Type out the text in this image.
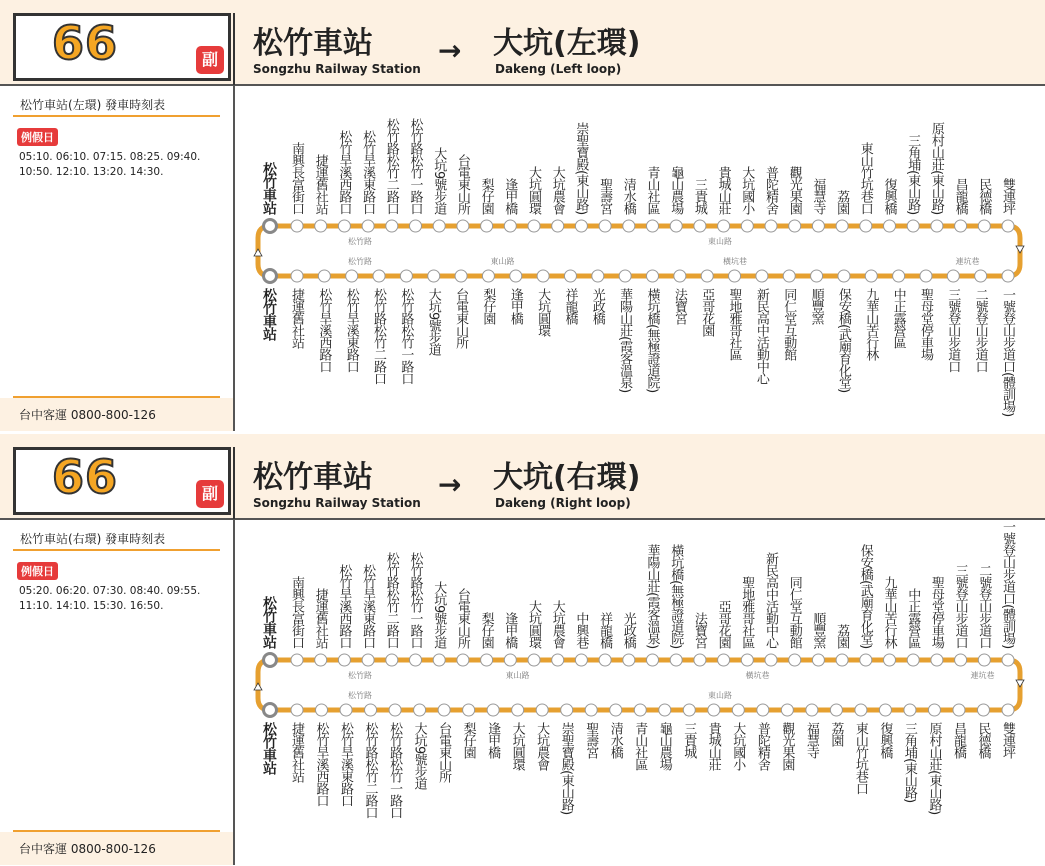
66	副 松竹車站
Songzhu Railway Station
→ 大坑(左環)
Dakeng (Left loop)
松竹車站(左環) 發車時刻表
例假日
05:10. 06:10. 07:15. 08:25. 09:40.
10:50. 12:10. 13:20. 14:30.
台中客運 0800-800-126
松竹車站
松竹車站
南興長富街口 捷運舊社站 松竹旱溪西路口 松竹旱溪東路口 松竹路松竹二路口 松竹路松竹一路口 大坑9號步道 台電東山所 梨仔園 逢甲橋 大坑圓環 大坑農會 崇聖寶殿(東山路) 聖壽宮 清水橋 青山社區 龜山農場 三貴城 貴城山莊 大坑國小 普陀精舍 觀光果園 福慧寺 荔園 東山竹坑巷口 復興橋 三角埔(東山路) 原村山莊(東山路) 昌龍橋 民德橋 雙連坪
捷運舊社站 松竹旱溪西路口 松竹旱溪東路口 松竹路松竹二路口 松竹路松竹一路口 大坑9號步道 台電東山所 梨仔園 逢甲橋 大坑圓環 祥龍橋 光政橋 華陽山莊(霞客溫泉) 橫坑橋(無極證道院) 法寶宮 亞哥花園 聖地雅哥社區 新民高中活動中心 同仁堂互動館 順豐窯 保安橋(武廟育化堂) 九華山苦行林 中正露營區 聖母堂停車場 三號登山步道口 二號登山步道口 一號登山步道口(體訓場)
松竹路	東山路
松竹路	東山路	橫坑巷	連坑巷
66	副 松竹車站
Songzhu Railway Station
→ 大坑(右環)
Dakeng (Right loop)
松竹車站(右環) 發車時刻表
例假日
05:20. 06:20. 07:30. 08:40. 09:55.
11:10. 14:10. 15:30. 16:50.
台中客運 0800-800-126
松竹車站
松竹車站
南興長富街口 捷運舊社站 松竹旱溪西路口 松竹旱溪東路口 松竹路松竹二路口 松竹路松竹一路口 大坑9號步道 台電東山所 梨仔園 逢甲橋 大坑圓環 大坑農會 中興巷 祥龍橋 光政橋 華陽山莊(霞客溫泉) 橫坑橋(無極證道院) 法寶宮 亞哥花園 聖地雅哥社區 新民高中活動中心 同仁堂互動館 順豐窯 荔園 保安橋(武廟育化堂) 九華山苦行林 中正露營區 聖母堂停車場 三號登山步道口 二號登山步道口 一號登山步道口(體訓場)
捷運舊社站 松竹旱溪西路口 松竹旱溪東路口 松竹路松竹二路口 松竹路松竹一路口 大坑9號步道 台電東山所 梨仔園 逢甲橋 大坑圓環 大坑農會 崇聖寶殿(東山路) 聖壽宮 清水橋 青山社區 龜山農場 三貴城 貴城山莊 大坑國小 普陀精舍 觀光果園 福慧寺 荔園 東山竹坑巷口 復興橋 三角埔(東山路) 原村山莊(東山路) 昌龍橋 民德橋 雙連坪
松竹路	東山路	橫坑巷	連坑巷
松竹路	東山路
